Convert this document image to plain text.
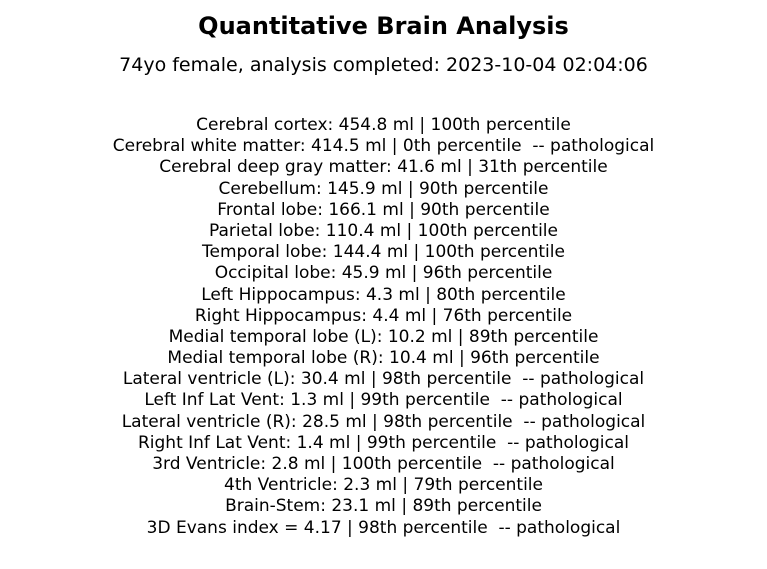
Quantitative Brain Analysis
74yo female, analysis completed: 2023-10-04 02:04:06
Cerebral cortex: 454.8 ml | 100th percentile
Cerebral white matter: 414.5 ml | 0th percentile  -- pathological
Cerebral deep gray matter: 41.6 ml | 31th percentile
Cerebellum: 145.9 ml | 90th percentile
Frontal lobe: 166.1 ml | 90th percentile
Parietal lobe: 110.4 ml | 100th percentile
Temporal lobe: 144.4 ml | 100th percentile
Occipital lobe: 45.9 ml | 96th percentile
Left Hippocampus: 4.3 ml | 80th percentile
Right Hippocampus: 4.4 ml | 76th percentile
Medial temporal lobe (L): 10.2 ml | 89th percentile
Medial temporal lobe (R): 10.4 ml | 96th percentile
Lateral ventricle (L): 30.4 ml | 98th percentile  -- pathological
Left Inf Lat Vent: 1.3 ml | 99th percentile  -- pathological
Lateral ventricle (R): 28.5 ml | 98th percentile  -- pathological
Right Inf Lat Vent: 1.4 ml | 99th percentile  -- pathological
3rd Ventricle: 2.8 ml | 100th percentile  -- pathological
4th Ventricle: 2.3 ml | 79th percentile
Brain-Stem: 23.1 ml | 89th percentile
3D Evans index = 4.17 | 98th percentile  -- pathological
